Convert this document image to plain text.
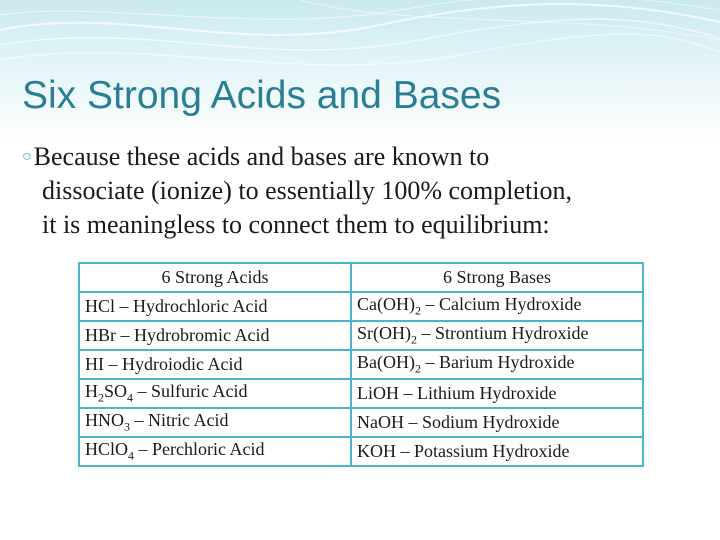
Six Strong Acids and Bases
○Because these acids and bases are known to
dissociate (ionize) to essentially 100% completion,
it is meaningless to connect them to equilibrium:
6 Strong Acids	6 Strong Bases
HCl – Hydrochloric Acid	$Ca(OH)_2$ – Calcium Hydroxide
HBr – Hydrobromic Acid	$Sr(OH)_2$ – Strontium Hydroxide
HI – Hydroiodic Acid	$Ba(OH)_2$ – Barium Hydroxide
$H_2SO_4$ – Sulfuric Acid	LiOH – Lithium Hydroxide
$HNO_3$ – Nitric Acid	NaOH – Sodium Hydroxide
HClO$_4$ – Perchloric Acid	KOH – Potassium Hydroxide
